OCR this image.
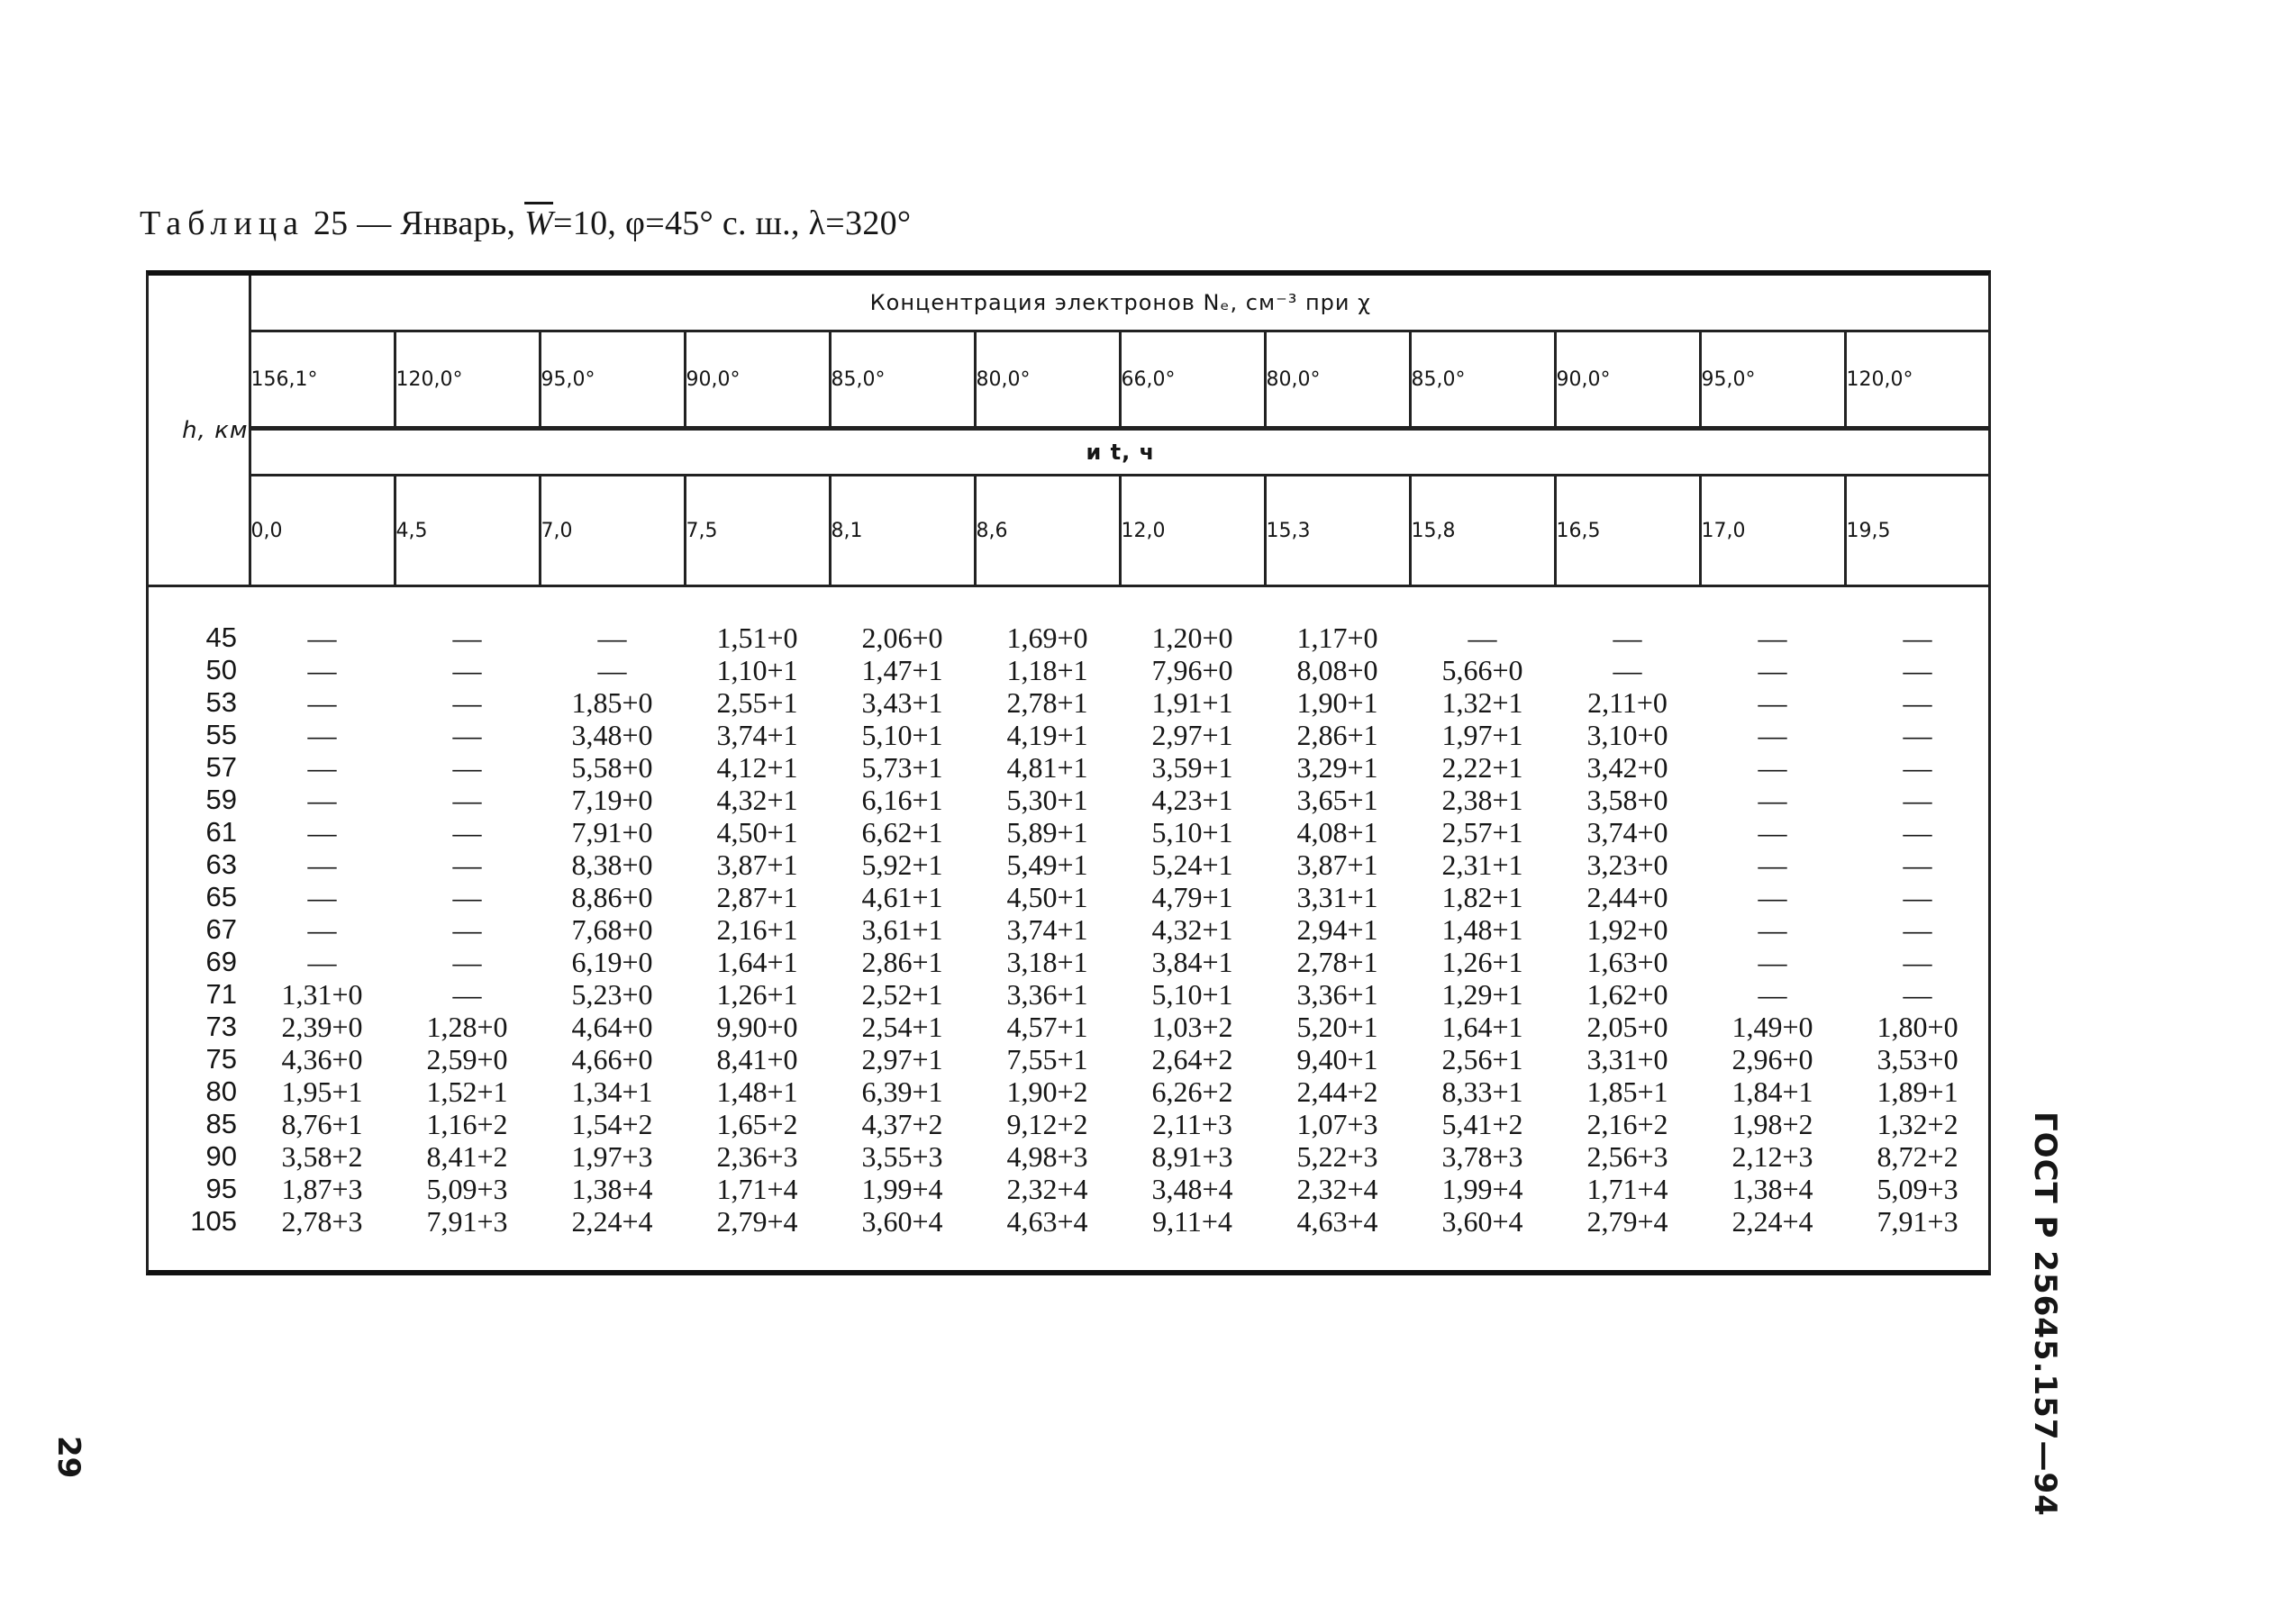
Таблица 25 — Январь, $\overline{W}=10$, φ=45° с. ш., λ=320°
h, км	Концентрация электронов Nₑ, см⁻³ при χ											
	156,1°	120,0°	95,0°	90,0°	85,0°	80,0°	66,0°	80,0°	85,0°	90,0°	95,0°	120,0°
	и t, ч											
	0,0	4,5	7,0	7,5	8,1	8,6	12,0	15,3	15,8	16,5	17,0	19,5

45	—	—	—	1,51+0	2,06+0	1,69+0	1,20+0	1,17+0	—	—	—	—
50	—	—	—	1,10+1	1,47+1	1,18+1	7,96+0	8,08+0	5,66+0	—	—	—
53	—	—	1,85+0	2,55+1	3,43+1	2,78+1	1,91+1	1,90+1	1,32+1	2,11+0	—	—
55	—	—	3,48+0	3,74+1	5,10+1	4,19+1	2,97+1	2,86+1	1,97+1	3,10+0	—	—
57	—	—	5,58+0	4,12+1	5,73+1	4,81+1	3,59+1	3,29+1	2,22+1	3,42+0	—	—
59	—	—	7,19+0	4,32+1	6,16+1	5,30+1	4,23+1	3,65+1	2,38+1	3,58+0	—	—
61	—	—	7,91+0	4,50+1	6,62+1	5,89+1	5,10+1	4,08+1	2,57+1	3,74+0	—	—
63	—	—	8,38+0	3,87+1	5,92+1	5,49+1	5,24+1	3,87+1	2,31+1	3,23+0	—	—
65	—	—	8,86+0	2,87+1	4,61+1	4,50+1	4,79+1	3,31+1	1,82+1	2,44+0	—	—
67	—	—	7,68+0	2,16+1	3,61+1	3,74+1	4,32+1	2,94+1	1,48+1	1,92+0	—	—
69	—	—	6,19+0	1,64+1	2,86+1	3,18+1	3,84+1	2,78+1	1,26+1	1,63+0	—	—
71	1,31+0	—	5,23+0	1,26+1	2,52+1	3,36+1	5,10+1	3,36+1	1,29+1	1,62+0	—	—
73	2,39+0	1,28+0	4,64+0	9,90+0	2,54+1	4,57+1	1,03+2	5,20+1	1,64+1	2,05+0	1,49+0	1,80+0
75	4,36+0	2,59+0	4,66+0	8,41+0	2,97+1	7,55+1	2,64+2	9,40+1	2,56+1	3,31+0	2,96+0	3,53+0
80	1,95+1	1,52+1	1,34+1	1,48+1	6,39+1	1,90+2	6,26+2	2,44+2	8,33+1	1,85+1	1,84+1	1,89+1
85	8,76+1	1,16+2	1,54+2	1,65+2	4,37+2	9,12+2	2,11+3	1,07+3	5,41+2	2,16+2	1,98+2	1,32+2
90	3,58+2	8,41+2	1,97+3	2,36+3	3,55+3	4,98+3	8,91+3	5,22+3	3,78+3	2,56+3	2,12+3	8,72+2
95	1,87+3	5,09+3	1,38+4	1,71+4	1,99+4	2,32+4	3,48+4	2,32+4	1,99+4	1,71+4	1,38+4	5,09+3
105	2,78+3	7,91+3	2,24+4	2,79+4	3,60+4	4,63+4	9,11+4	4,63+4	3,60+4	2,79+4	2,24+4	7,91+3 ГОСТ Р 25645.157—94
29
